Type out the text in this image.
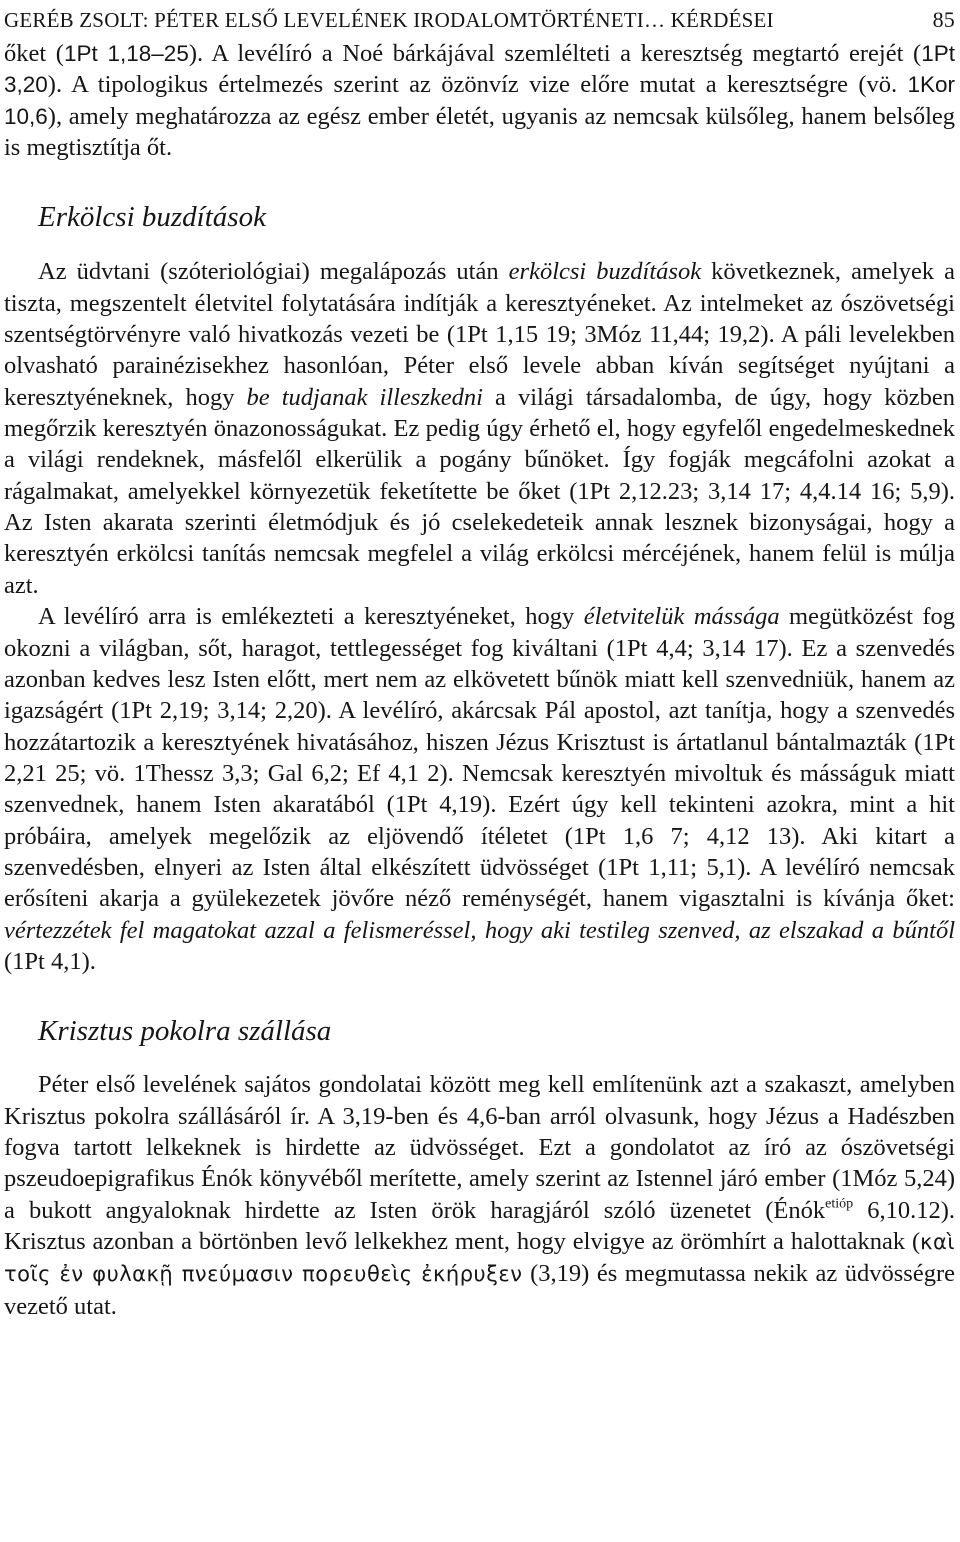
GERÉB ZSOLT: PÉTER ELSŐ LEVELÉNEK IRODALOMTÖRTÉNETI… KÉRDÉSEI	85

őket (1Pt 1,18–25). A levélíró a Noé bárkájával szemlélteti a keresztség megtartó erejét (1Pt 3,20). A tipologikus értelmezés szerint az özönvíz vize előre mutat a keresztségre (vö. 1Kor 10,6), amely meghatározza az egész ember életét, ugyanis az nemcsak külsőleg, hanem belsőleg is megtisztítja őt.

Erkölcsi buzdítások

Az üdvtani (szóteriológiai) megalápozás után erkölcsi buzdítások következnek, amelyek a tiszta, megszentelt életvitel folytatására indítják a keresztyéneket. Az intelmeket az ószövetségi szentségtörvényre való hivatkozás vezeti be (1Pt 1,15 19; 3Móz 11,44; 19,2). A páli levelekben olvasható parainézisekhez hasonlóan, Péter első levele abban kíván segítséget nyújtani a keresztyéneknek, hogy be tudjanak illeszkedni a világi társadalomba, de úgy, hogy közben megőrzik keresztyén önazonosságukat. Ez pedig úgy érhető el, hogy egyfelől engedelmeskednek a világi rendeknek, másfelől elkerülik a pogány bűnöket. Így fogják megcáfolni azokat a rágalmakat, amelyekkel környezetük feketítette be őket (1Pt 2,12.23; 3,14 17; 4,4.14 16; 5,9). Az Isten akarata szerinti életmódjuk és jó cselekedeteik annak lesznek bizonyságai, hogy a keresztyén erkölcsi tanítás nemcsak megfelel a világ erkölcsi mércéjének, hanem felül is múlja azt.

A levélíró arra is emlékezteti a keresztyéneket, hogy életvitelük mássága megütközést fog okozni a világban, sőt, haragot, tettlegességet fog kiváltani (1Pt 4,4; 3,14 17). Ez a szenvedés azonban kedves lesz Isten előtt, mert nem az elkövetett bűnök miatt kell szenvedniük, hanem az igazságért (1Pt 2,19; 3,14; 2,20). A levélíró, akárcsak Pál apostol, azt tanítja, hogy a szenvedés hozzátartozik a keresztyének hivatásához, hiszen Jézus Krisztust is ártatlanul bántalmazták (1Pt 2,21 25; vö. 1Thessz 3,3; Gal 6,2; Ef 4,1 2). Nemcsak keresztyén mivoltuk és másságuk miatt szenvednek, hanem Isten akaratából (1Pt 4,19). Ezért úgy kell tekinteni azokra, mint a hit próbáira, amelyek megelőzik az eljövendő ítéletet (1Pt 1,6 7; 4,12 13). Aki kitart a szenvedésben, elnyeri az Isten által elkészített üdvösséget (1Pt 1,11; 5,1). A levélíró nemcsak erősíteni akarja a gyülekezetek jövőre néző reménységét, hanem vigasztalni is kívánja őket: vértezzétek fel magatokat azzal a felismeréssel, hogy aki testileg szenved, az elszakad a bűntől (1Pt 4,1).

Krisztus pokolra szállása

Péter első levelének sajátos gondolatai között meg kell említenünk azt a szakaszt, amelyben Krisztus pokolra szállásáról ír. A 3,19-ben és 4,6-ban arról olvasunk, hogy Jézus a Hadészben fogva tartott lelkeknek is hirdette az üdvösséget. Ezt a gondolatot az író az ószövetségi pszeudoepigrafikus Énók könyvéből merítette, amely szerint az Istennel járó ember (1Móz 5,24) a bukott angyaloknak hirdette az Isten örök haragjáról szóló üzenetet (Énók$^{etióp}$ 6,10.12). Krisztus azonban a börtönben levő lelkekhez ment, hogy elvigye az örömhírt a halottaknak (καὶ τοῖς ἐν φυλακῇ πνεύμασιν πορευθεὶς ἐκήρυξεν (3,19) és megmutassa nekik az üdvösségre vezető utat.
